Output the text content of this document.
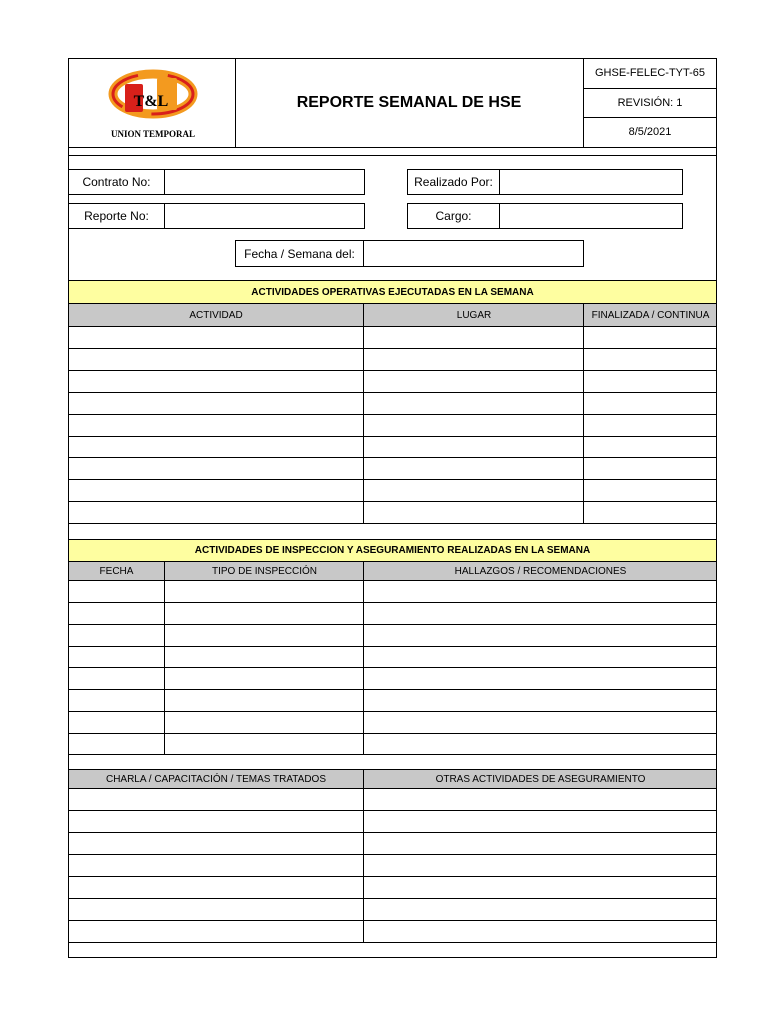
T&L
UNION TEMPORAL
REPORTE SEMANAL DE HSE
GHSE-FELEC-TYT-65
REVISIÓN: 1
8/5/2021
Contrato No:	Realizado Por:
Reporte No:	Cargo:
Fecha / Semana del:
ACTIVIDADES OPERATIVAS EJECUTADAS EN LA SEMANA
ACTIVIDAD	LUGAR	FINALIZADA / CONTINUA
ACTIVIDADES DE INSPECCION Y ASEGURAMIENTO REALIZADAS EN LA SEMANA
FECHA	TIPO DE INSPECCIÓN	HALLAZGOS / RECOMENDACIONES
CHARLA / CAPACITACIÓN / TEMAS TRATADOS	OTRAS ACTIVIDADES DE ASEGURAMIENTO
